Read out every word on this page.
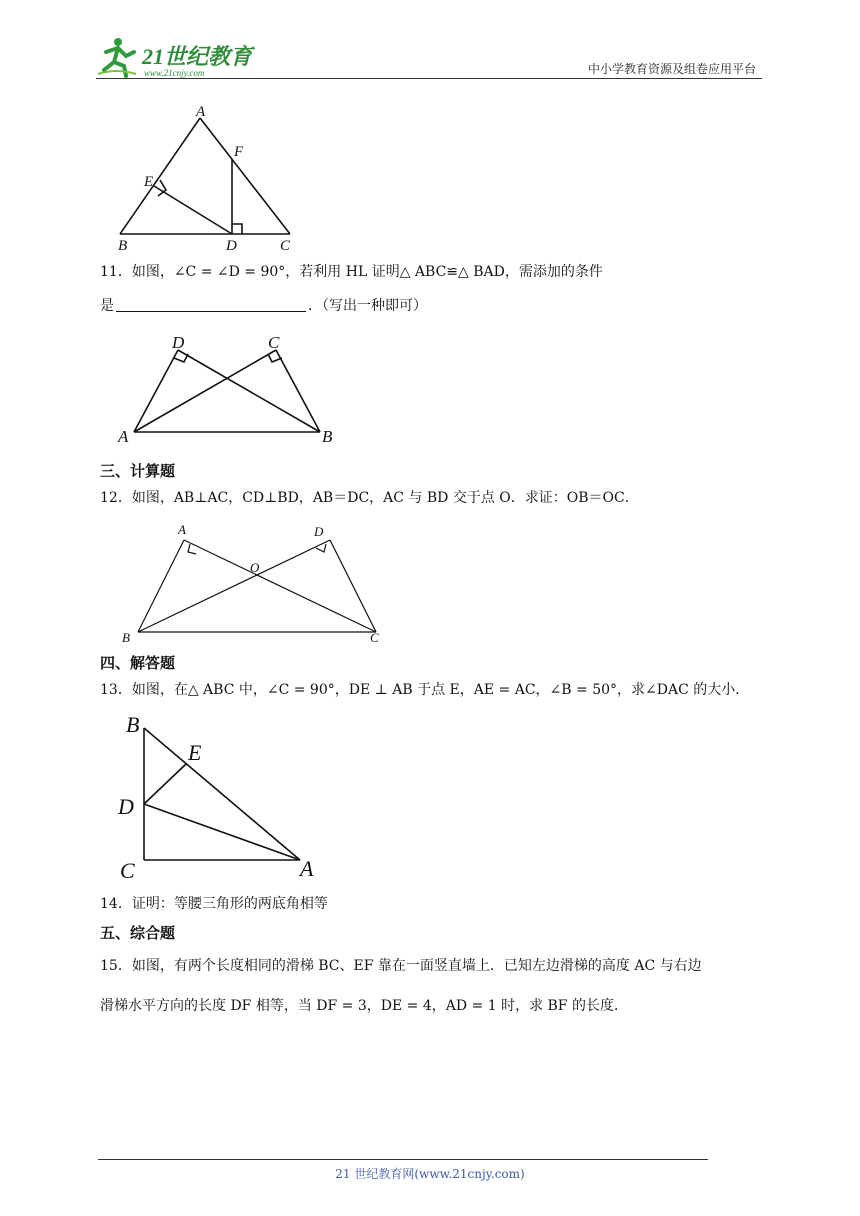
21世纪教育
www.21cnjy.com	中小学教育资源及组卷应用平台
A
F
E
B	D	C
11．如图，∠C = ∠D = 90°，若利用 HL 证明△ ABC≌△ BAD，需添加的条件
是	．（写出一种即可）
D	C
A	B
三、计算题
12．如图，AB⊥AC，CD⊥BD，AB＝DC，AC 与 BD 交于点 O．求证：OB＝OC．
A	D
O
B	C
四、解答题
13．如图，在△ ABC 中，∠C = 90°，DE ⊥ AB 于点 E，AE = AC，∠B = 50°，求∠DAC 的大小．
B
E
D
C	A
14．证明：等腰三角形的两底角相等
五、综合题
15．如图，有两个长度相同的滑梯 BC、EF 靠在一面竖直墙上．已知左边滑梯的高度 AC 与右边
滑梯水平方向的长度 DF 相等，当 DF = 3，DE = 4，AD = 1 时，求 BF 的长度．
21 世纪教育网(www.21cnjy.com)
